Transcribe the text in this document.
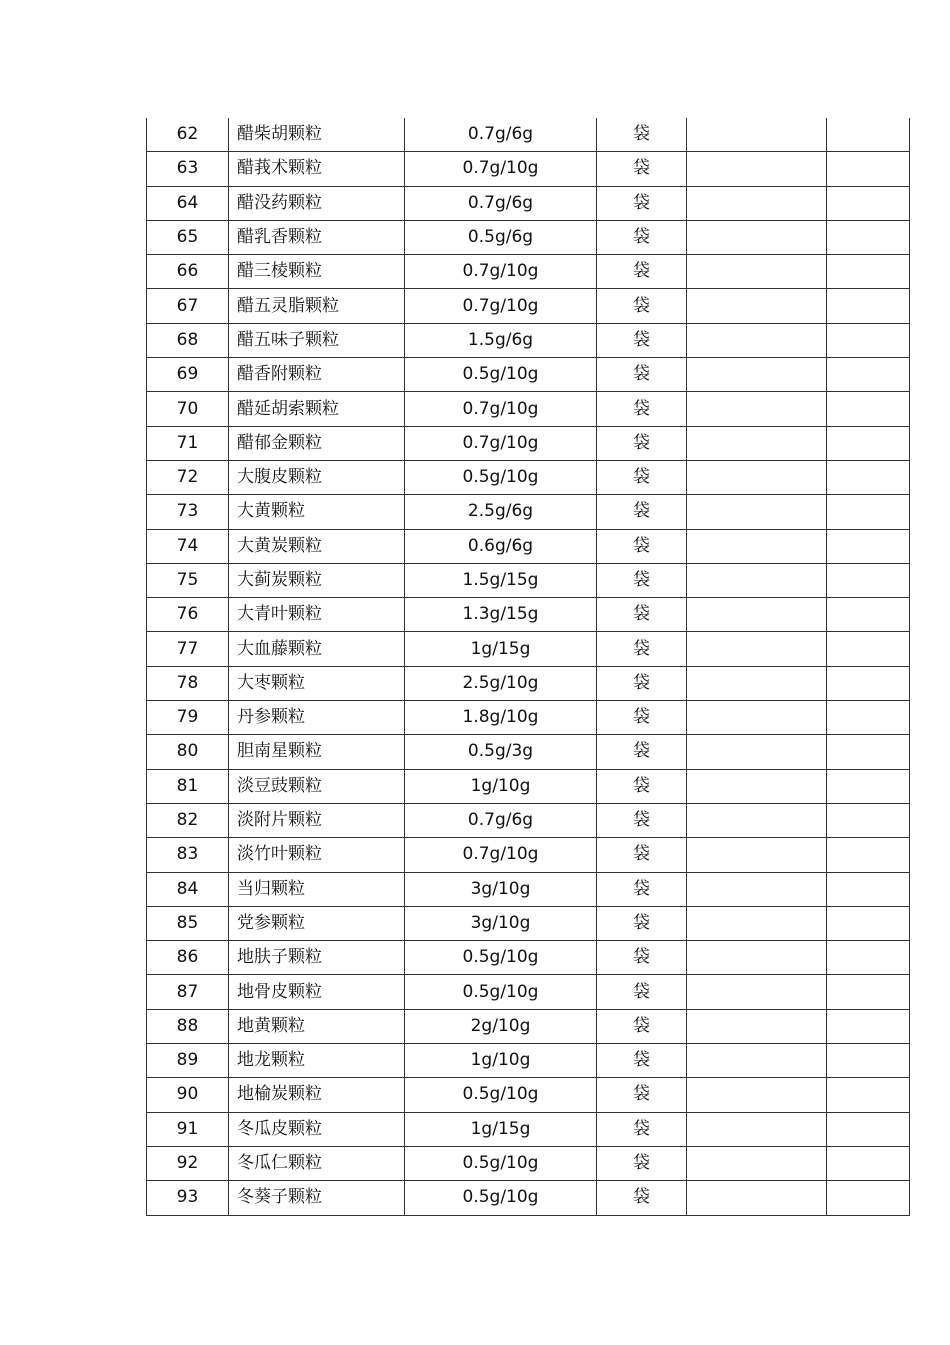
62	醋柴胡颗粒	0.7g/6g	袋		
63	醋莪术颗粒	0.7g/10g	袋		
64	醋没药颗粒	0.7g/6g	袋		
65	醋乳香颗粒	0.5g/6g	袋		
66	醋三棱颗粒	0.7g/10g	袋		
67	醋五灵脂颗粒	0.7g/10g	袋		
68	醋五味子颗粒	1.5g/6g	袋		
69	醋香附颗粒	0.5g/10g	袋		
70	醋延胡索颗粒	0.7g/10g	袋		
71	醋郁金颗粒	0.7g/10g	袋		
72	大腹皮颗粒	0.5g/10g	袋		
73	大黄颗粒	2.5g/6g	袋		
74	大黄炭颗粒	0.6g/6g	袋		
75	大蓟炭颗粒	1.5g/15g	袋		
76	大青叶颗粒	1.3g/15g	袋		
77	大血藤颗粒	1g/15g	袋		
78	大枣颗粒	2.5g/10g	袋		
79	丹参颗粒	1.8g/10g	袋		
80	胆南星颗粒	0.5g/3g	袋		
81	淡豆豉颗粒	1g/10g	袋		
82	淡附片颗粒	0.7g/6g	袋		
83	淡竹叶颗粒	0.7g/10g	袋		
84	当归颗粒	3g/10g	袋		
85	党参颗粒	3g/10g	袋		
86	地肤子颗粒	0.5g/10g	袋		
87	地骨皮颗粒	0.5g/10g	袋		
88	地黄颗粒	2g/10g	袋		
89	地龙颗粒	1g/10g	袋		
90	地榆炭颗粒	0.5g/10g	袋		
91	冬瓜皮颗粒	1g/15g	袋		
92	冬瓜仁颗粒	0.5g/10g	袋		
93	冬葵子颗粒	0.5g/10g	袋		
